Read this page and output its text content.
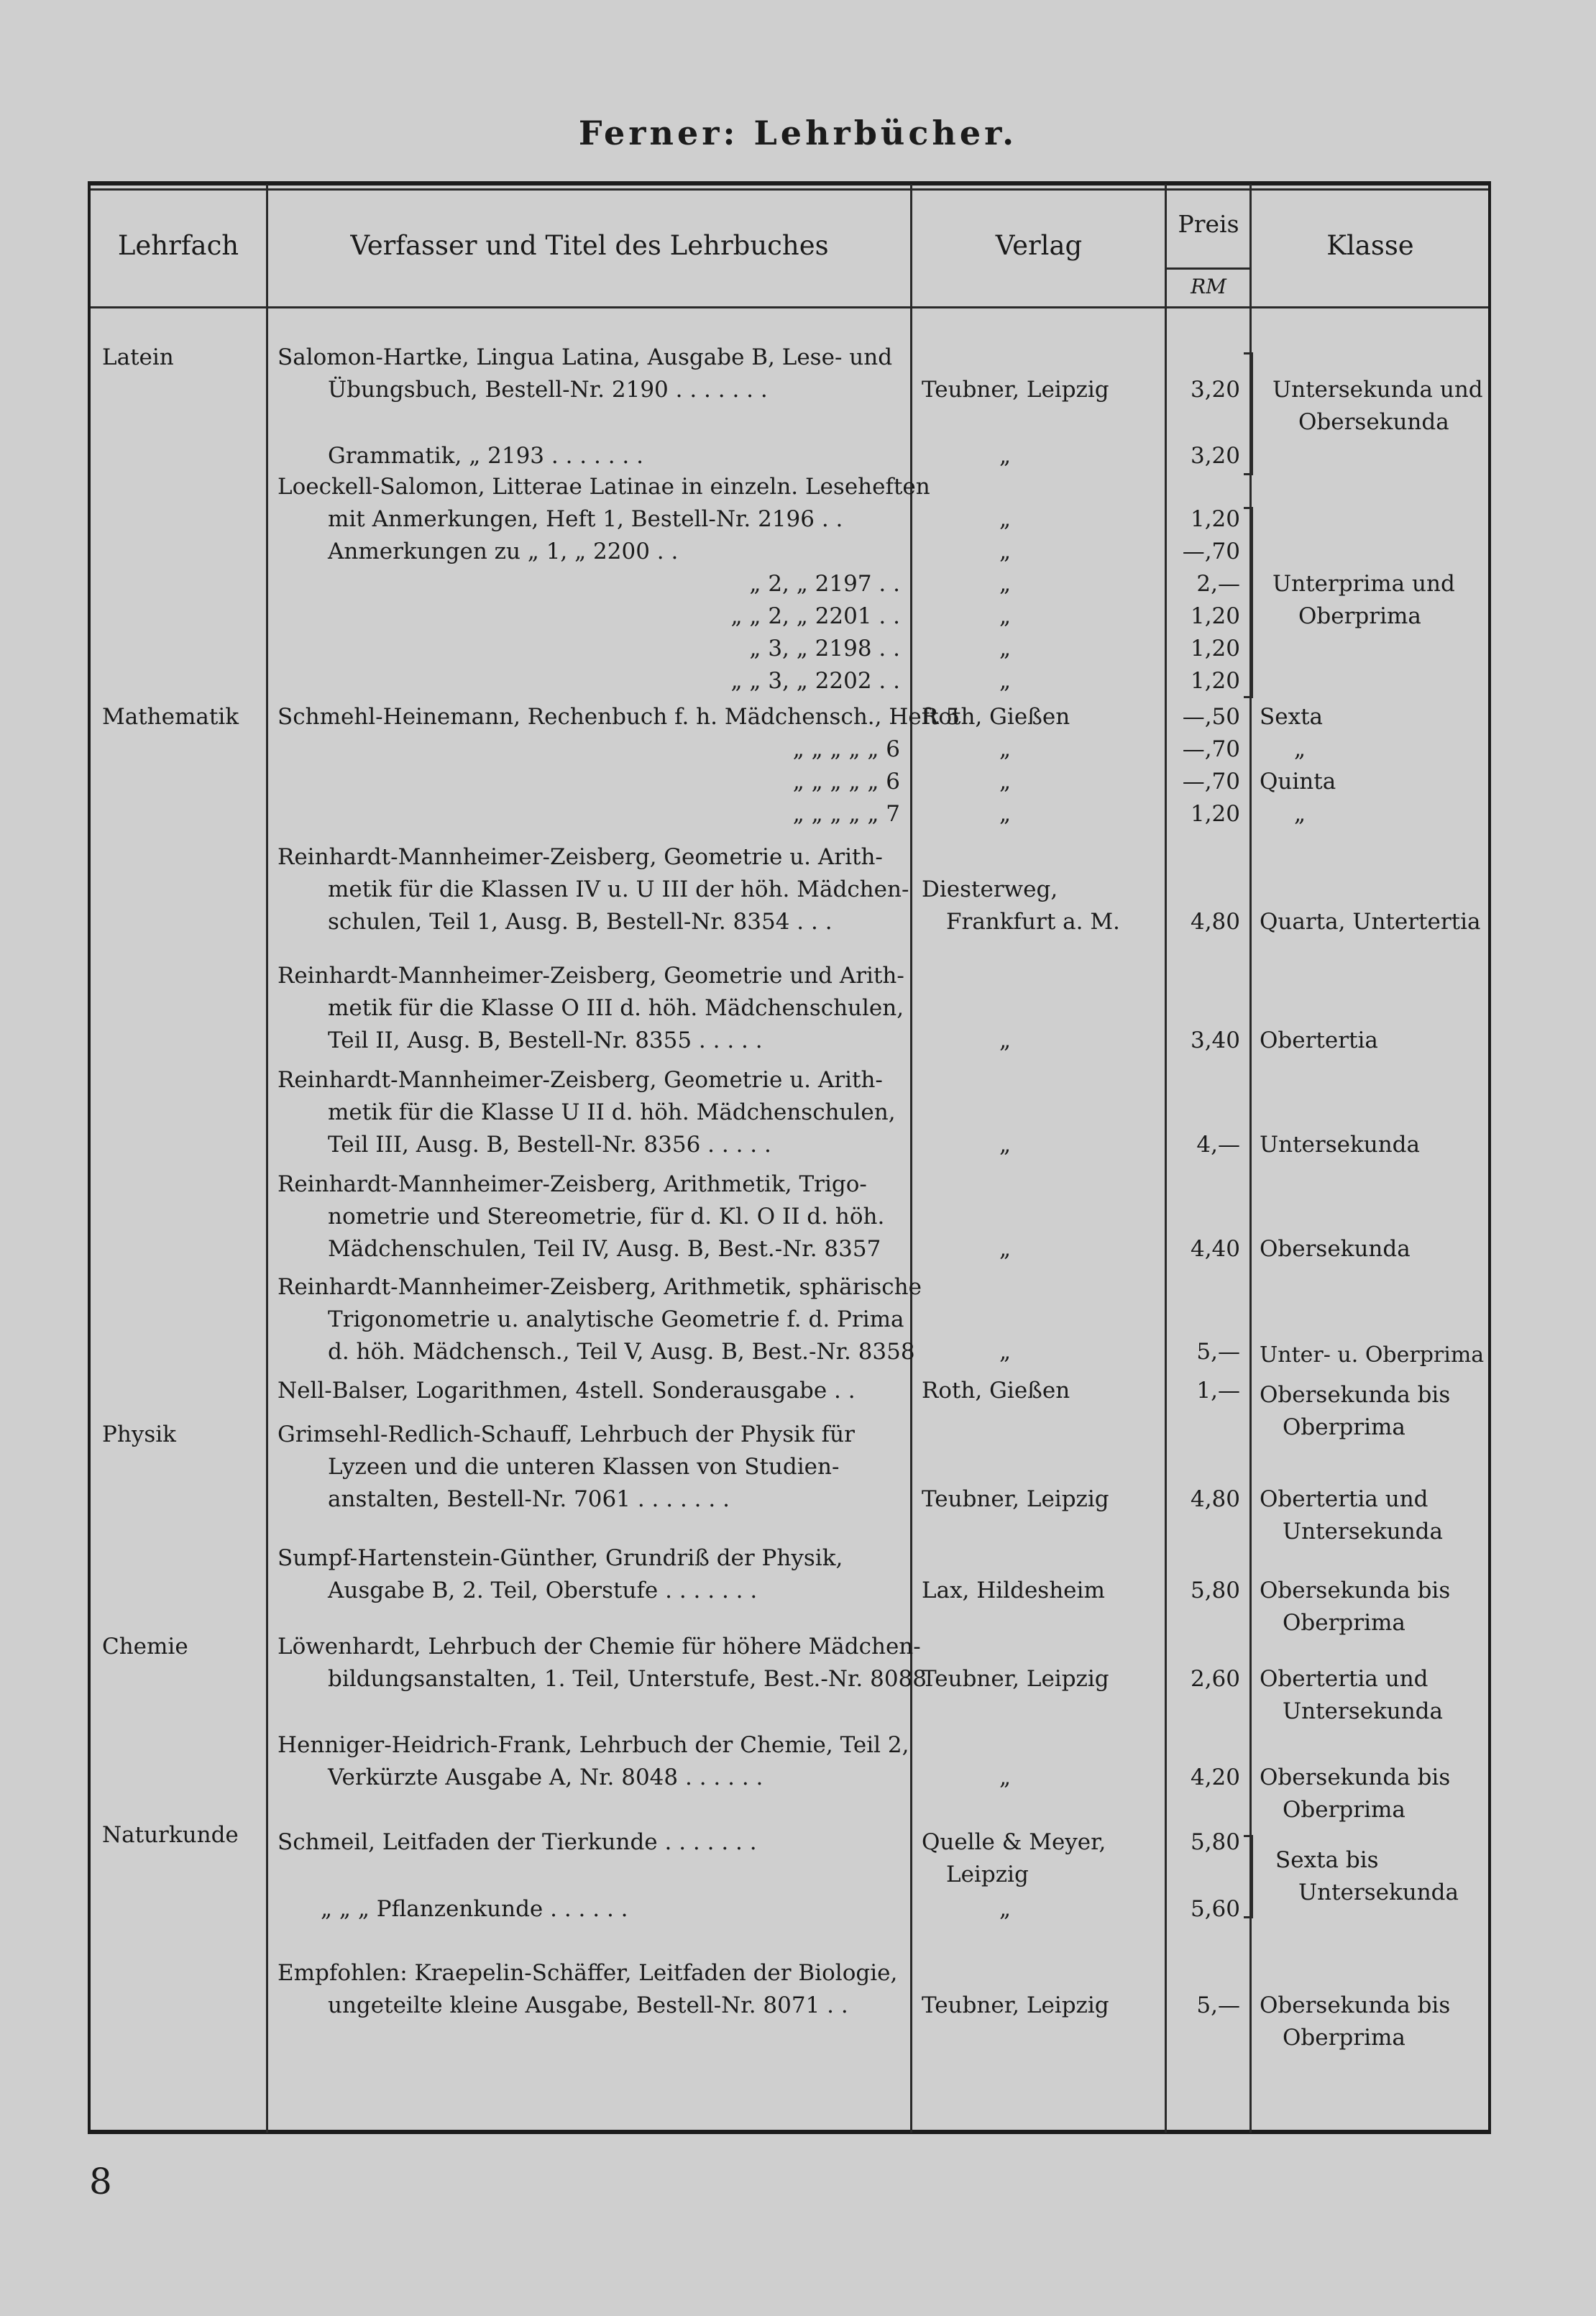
Ferner: Lehrbücher.
Lehrfach	Verfasser und Titel des Lehrbuches	Verlag
Preis
RM
Klasse
Latein
Mathematik
Physik
Chemie
Naturkunde
Salomon-Hartke, Lingua Latina, Ausgabe B, Lese- und
Übungsbuch, Bestell-Nr. 2190 . . . . . . .
Grammatik, „ 2193 . . . . . . .
Loeckell-Salomon, Litterae Latinae in einzeln. Leseheften
mit Anmerkungen, Heft 1, Bestell-Nr. 2196 . .
Anmerkungen zu „ 1, „ 2200 . .
„ 2, „ 2197 . .
„ „ 2, „ 2201 . .
„ 3, „ 2198 . .
„ „ 3, „ 2202 . .
Schmehl-Heinemann, Rechenbuch f. h. Mädchensch., Heft 5
„ „ „ „ „ 6
„ „ „ „ „ 6
„ „ „ „ „ 7
Reinhardt-Mannheimer-Zeisberg, Geometrie u. Arith-
metik für die Klassen IV u. U III der höh. Mädchen-
schulen, Teil 1, Ausg. B, Bestell-Nr. 8354 . . .
Reinhardt-Mannheimer-Zeisberg, Geometrie und Arith-
metik für die Klasse O III d. höh. Mädchenschulen,
Teil II, Ausg. B, Bestell-Nr. 8355 . . . . .
Reinhardt-Mannheimer-Zeisberg, Geometrie u. Arith-
metik für die Klasse U II d. höh. Mädchenschulen,
Teil III, Ausg. B, Bestell-Nr. 8356 . . . . .
Reinhardt-Mannheimer-Zeisberg, Arithmetik, Trigo-
nometrie und Stereometrie, für d. Kl. O II d. höh.
Mädchenschulen, Teil IV, Ausg. B, Best.-Nr. 8357
Reinhardt-Mannheimer-Zeisberg, Arithmetik, sphärische
Trigonometrie u. analytische Geometrie f. d. Prima
d. höh. Mädchensch., Teil V, Ausg. B, Best.-Nr. 8358
Nell-Balser, Logarithmen, 4stell. Sonderausgabe . .
Grimsehl-Redlich-Schauff, Lehrbuch der Physik für
Lyzeen und die unteren Klassen von Studien-
anstalten, Bestell-Nr. 7061 . . . . . . .
Sumpf-Hartenstein-Günther, Grundriß der Physik,
Ausgabe B, 2. Teil, Oberstufe . . . . . . .
Löwenhardt, Lehrbuch der Chemie für höhere Mädchen-
bildungsanstalten, 1. Teil, Unterstufe, Best.-Nr. 8088
Henniger-Heidrich-Frank, Lehrbuch der Chemie, Teil 2,
Verkürzte Ausgabe A, Nr. 8048 . . . . . .
Schmeil, Leitfaden der Tierkunde . . . . . . .
„ „ „ Pflanzenkunde . . . . . .
Empfohlen: Kraepelin-Schäffer, Leitfaden der Biologie,
ungeteilte kleine Ausgabe, Bestell-Nr. 8071 . .
Teubner, Leipzig
„
„
„
„
„
„
„
Roth, Gießen
„
„
„
Diesterweg,
Frankfurt a. M.
„
„
„
„
Roth, Gießen
Teubner, Leipzig
Lax, Hildesheim
Teubner, Leipzig
„
Quelle & Meyer,
Leipzig
„
Teubner, Leipzig
3,20
3,20
1,20
—,70
2,—
1,20
1,20
1,20
—,50
—,70
—,70
1,20
4,80
3,40
4,—
4,40
5,—
1,—
4,80
5,80
2,60
4,20
5,80
5,60
5,—
Untersekunda und
Obersekunda
Unterprima und
Oberprima
Sexta
„
Quinta
„
Quarta, Untertertia
Obertertia
Untersekunda
Obersekunda
Unter- u. Oberprima
Obersekunda bis
Oberprima
Obertertia und
Untersekunda
Obersekunda bis
Oberprima
Obertertia und
Untersekunda
Obersekunda bis
Oberprima
Sexta bis
Untersekunda
Obersekunda bis
Oberprima
8
